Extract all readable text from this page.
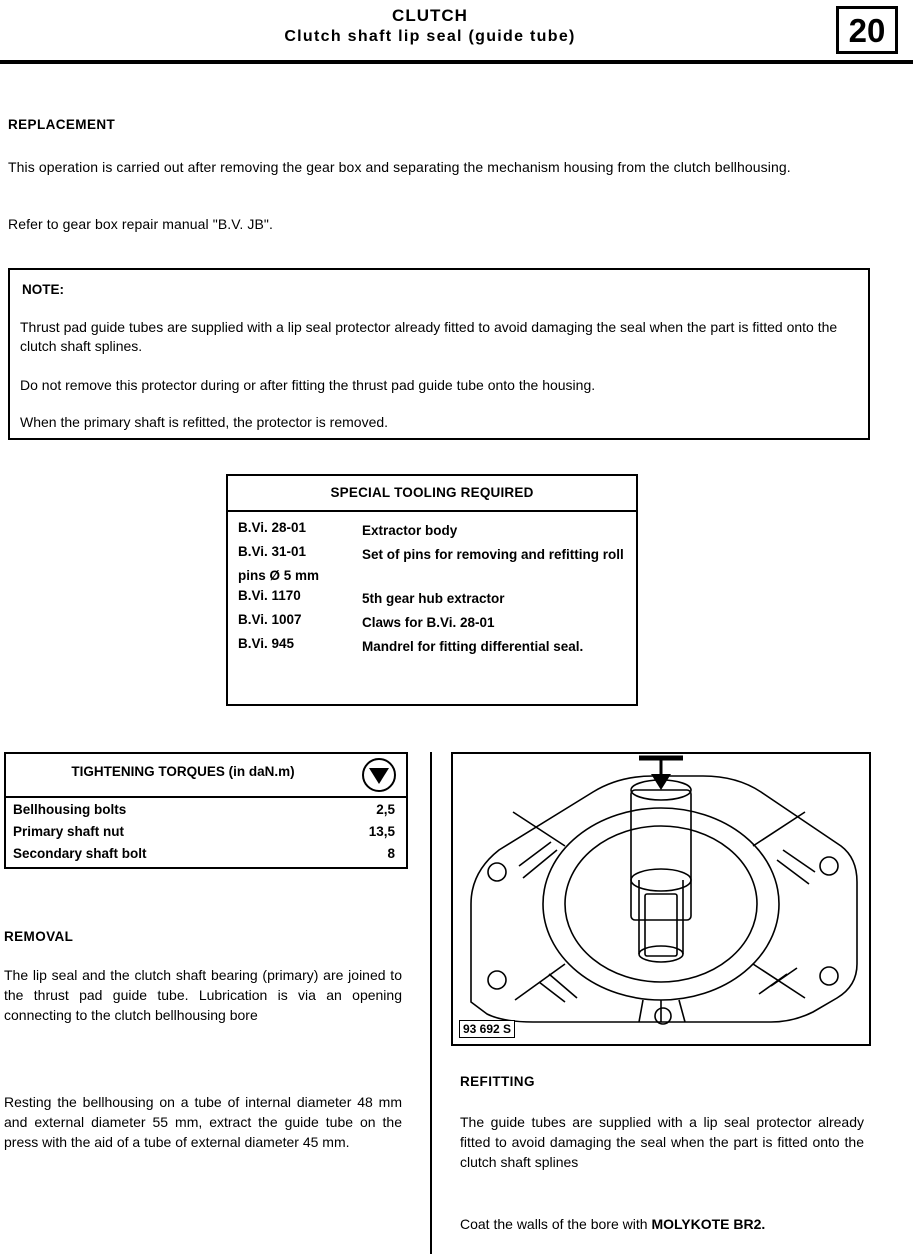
CLUTCH
Clutch shaft lip seal (guide tube)	20
REPLACEMENT
This operation is carried out after removing the gear box and separating the mechanism housing from the clutch bellhousing.
Refer to gear box repair manual "B.V. JB".
NOTE:
Thrust pad guide tubes are supplied with a lip seal protector already fitted to avoid damaging the seal when the part is fitted onto the clutch shaft splines.
Do not remove this protector during or after fitting the thrust pad guide tube onto the housing.
When the primary shaft is refitted, the protector is removed.
SPECIAL TOOLING REQUIRED
B.Vi. 28-01	Extractor body
B.Vi. 31-01	Set of pins for removing and refitting roll pins Ø 5 mm
B.Vi. 1170	5th gear hub extractor
B.Vi. 1007	Claws for B.Vi. 28-01
B.Vi. 945	Mandrel for fitting differential seal.
TIGHTENING TORQUES (in daN.m)
Bellhousing bolts	2,5
Primary shaft nut	13,5
Secondary shaft bolt	8
REMOVAL
The lip seal and the clutch shaft bearing (primary) are joined to the thrust pad guide tube. Lubrication is via an opening connecting to the clutch bellhousing bore
Resting the bellhousing on a tube of internal diameter 48 mm and external diameter 55 mm, extract the guide tube on the press with the aid of a tube of external diameter 45 mm.
93 692 S
REFITTING
The guide tubes are supplied with a lip seal protector already fitted to avoid damaging the seal when the part is fitted onto the clutch shaft splines
Coat the walls of the bore with MOLYKOTE BR2.
